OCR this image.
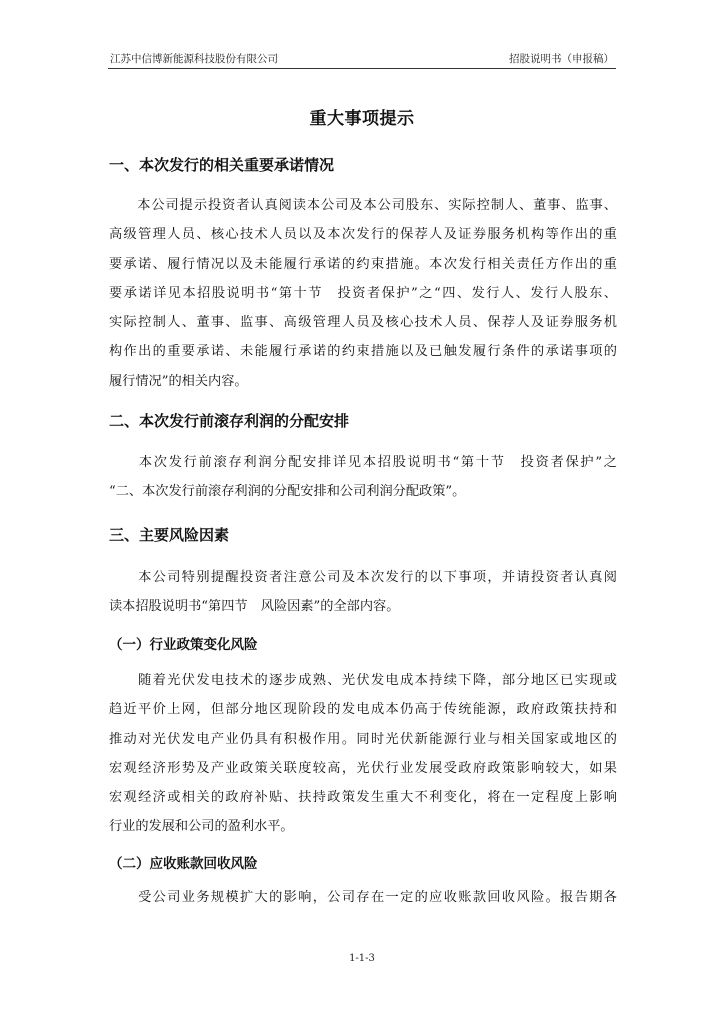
江苏中信博新能源科技股份有限公司	招股说明书（申报稿）
重大事项提示
一、本次发行的相关重要承诺情况
　　本公司提示投资者认真阅读本公司及本公司股东、实际控制人、董事、监事、
高级管理人员、核心技术人员以及本次发行的保荐人及证券服务机构等作出的重
要承诺、履行情况以及未能履行承诺的约束措施。本次发行相关责任方作出的重
要承诺详见本招股说明书“第十节　投资者保护”之“四、发行人、发行人股东、
实际控制人、董事、监事、高级管理人员及核心技术人员、保荐人及证券服务机
构作出的重要承诺、未能履行承诺的约束措施以及已触发履行条件的承诺事项的
履行情况”的相关内容。
二、本次发行前滚存利润的分配安排
　　本次发行前滚存利润分配安排详见本招股说明书“第十节　投资者保护”之
“二、本次发行前滚存利润的分配安排和公司利润分配政策”。
三、主要风险因素
　　本公司特别提醒投资者注意公司及本次发行的以下事项，并请投资者认真阅
读本招股说明书“第四节　风险因素”的全部内容。
（一）行业政策变化风险
　　随着光伏发电技术的逐步成熟、光伏发电成本持续下降，部分地区已实现或
趋近平价上网，但部分地区现阶段的发电成本仍高于传统能源，政府政策扶持和
推动对光伏发电产业仍具有积极作用。同时光伏新能源行业与相关国家或地区的
宏观经济形势及产业政策关联度较高，光伏行业发展受政府政策影响较大，如果
宏观经济或相关的政府补贴、扶持政策发生重大不利变化，将在一定程度上影响
行业的发展和公司的盈利水平。
（二）应收账款回收风险
　　受公司业务规模扩大的影响，公司存在一定的应收账款回收风险。报告期各
1-1-3
